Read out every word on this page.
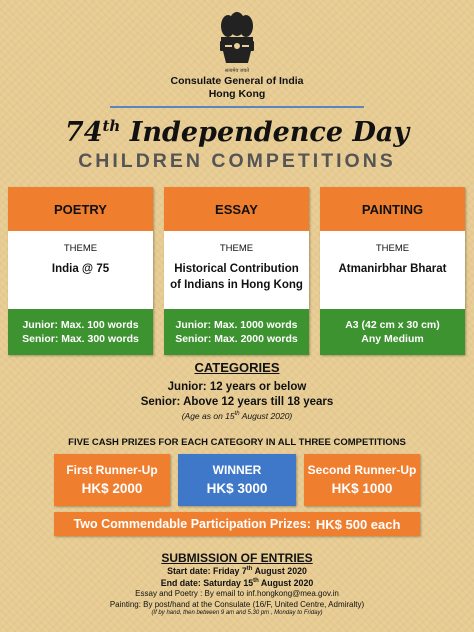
सत्यमेव जयते
Consulate General of India
Hong Kong
74th Independence Day
CHILDREN COMPETITIONS
POETRY
THEME
India @ 75
Junior: Max. 100 words
Senior: Max. 300 words
ESSAY
THEME
Historical Contribution
of Indians in Hong Kong
Junior: Max. 1000 words
Senior: Max. 2000 words
PAINTING
THEME
Atmanirbhar Bharat
A3 (42 cm x 30 cm)
Any Medium
CATEGORIES
Junior: 12 years or below
Senior: Above 12 years till 18 years
(Age as on 15th August 2020)
FIVE CASH PRIZES FOR EACH CATEGORY IN ALL THREE COMPETITIONS
First Runner-Up
HK$ 2000
WINNER
HK$ 3000
Second Runner-Up
HK$ 1000
Two Commendable Participation Prizes: HK$ 500 each
SUBMISSION OF ENTRIES
Start date: Friday 7th August 2020
End date: Saturday 15th August 2020
Essay and Poetry : By email to inf.hongkong@mea.gov.in
Painting: By post/hand at the Consulate (16/F, United Centre, Admiralty)
(If by hand, then between 9 am and 5.30 pm , Monday to Friday)
